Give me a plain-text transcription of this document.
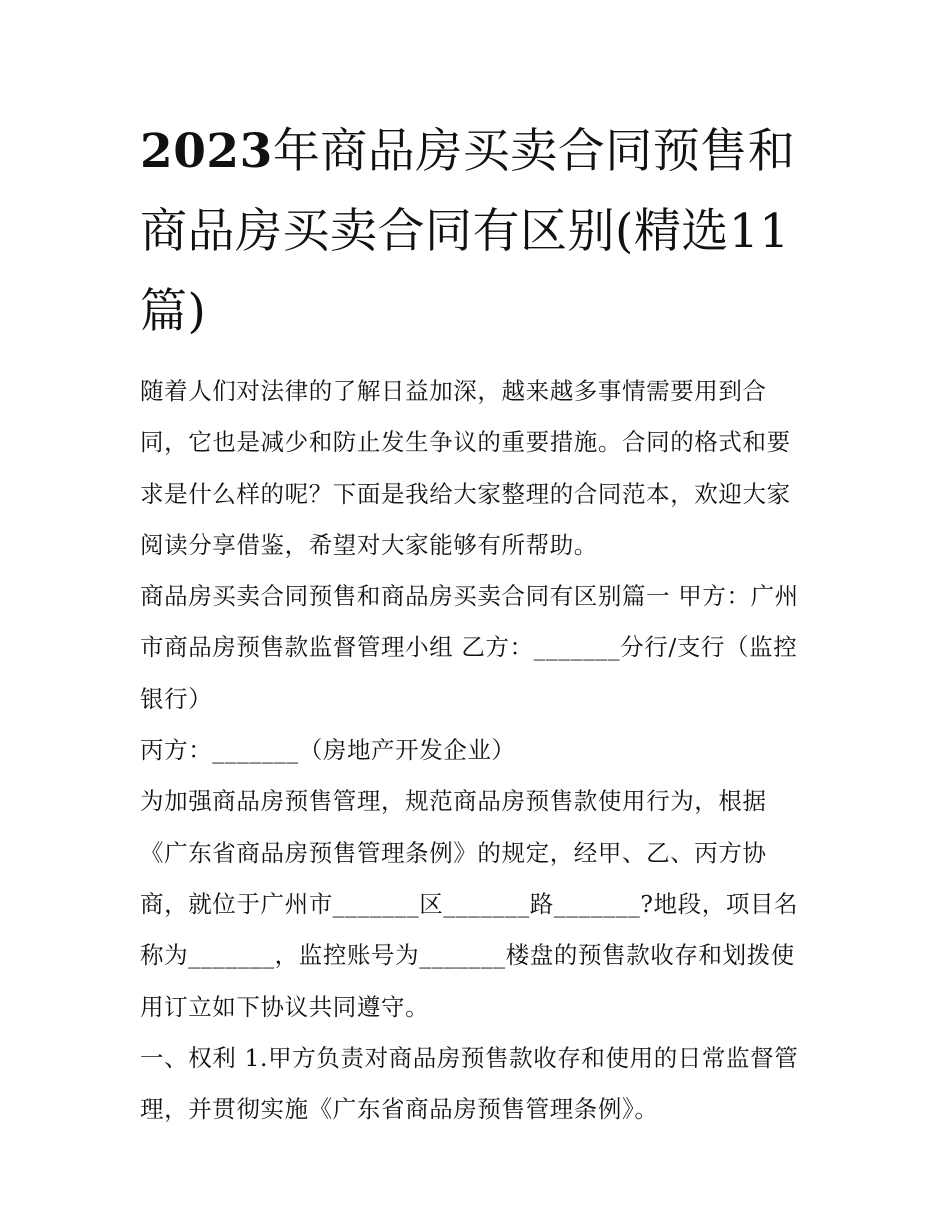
2023年商品房买卖合同预售和商品房买卖合同有区别(精选11篇)

随着人们对法律的了解日益加深，越来越多事情需要用到合同，它也是减少和防止发生争议的重要措施。合同的格式和要求是什么样的呢？下面是我给大家整理的合同范本，欢迎大家阅读分享借鉴，希望对大家能够有所帮助。

商品房买卖合同预售和商品房买卖合同有区别篇一 甲方：广州市商品房预售款监督管理小组 乙方：_______分行/支行（监控银行）

丙方：_______（房地产开发企业）

为加强商品房预售管理，规范商品房预售款使用行为，根据《广东省商品房预售管理条例》的规定，经甲、乙、丙方协商，就位于广州市_______区_______路_______?地段，项目名称为_______，监控账号为_______楼盘的预售款收存和划拨使用订立如下协议共同遵守。

一、权利 1.甲方负责对商品房预售款收存和使用的日常监督管理，并贯彻实施《广东省商品房预售管理条例》。
